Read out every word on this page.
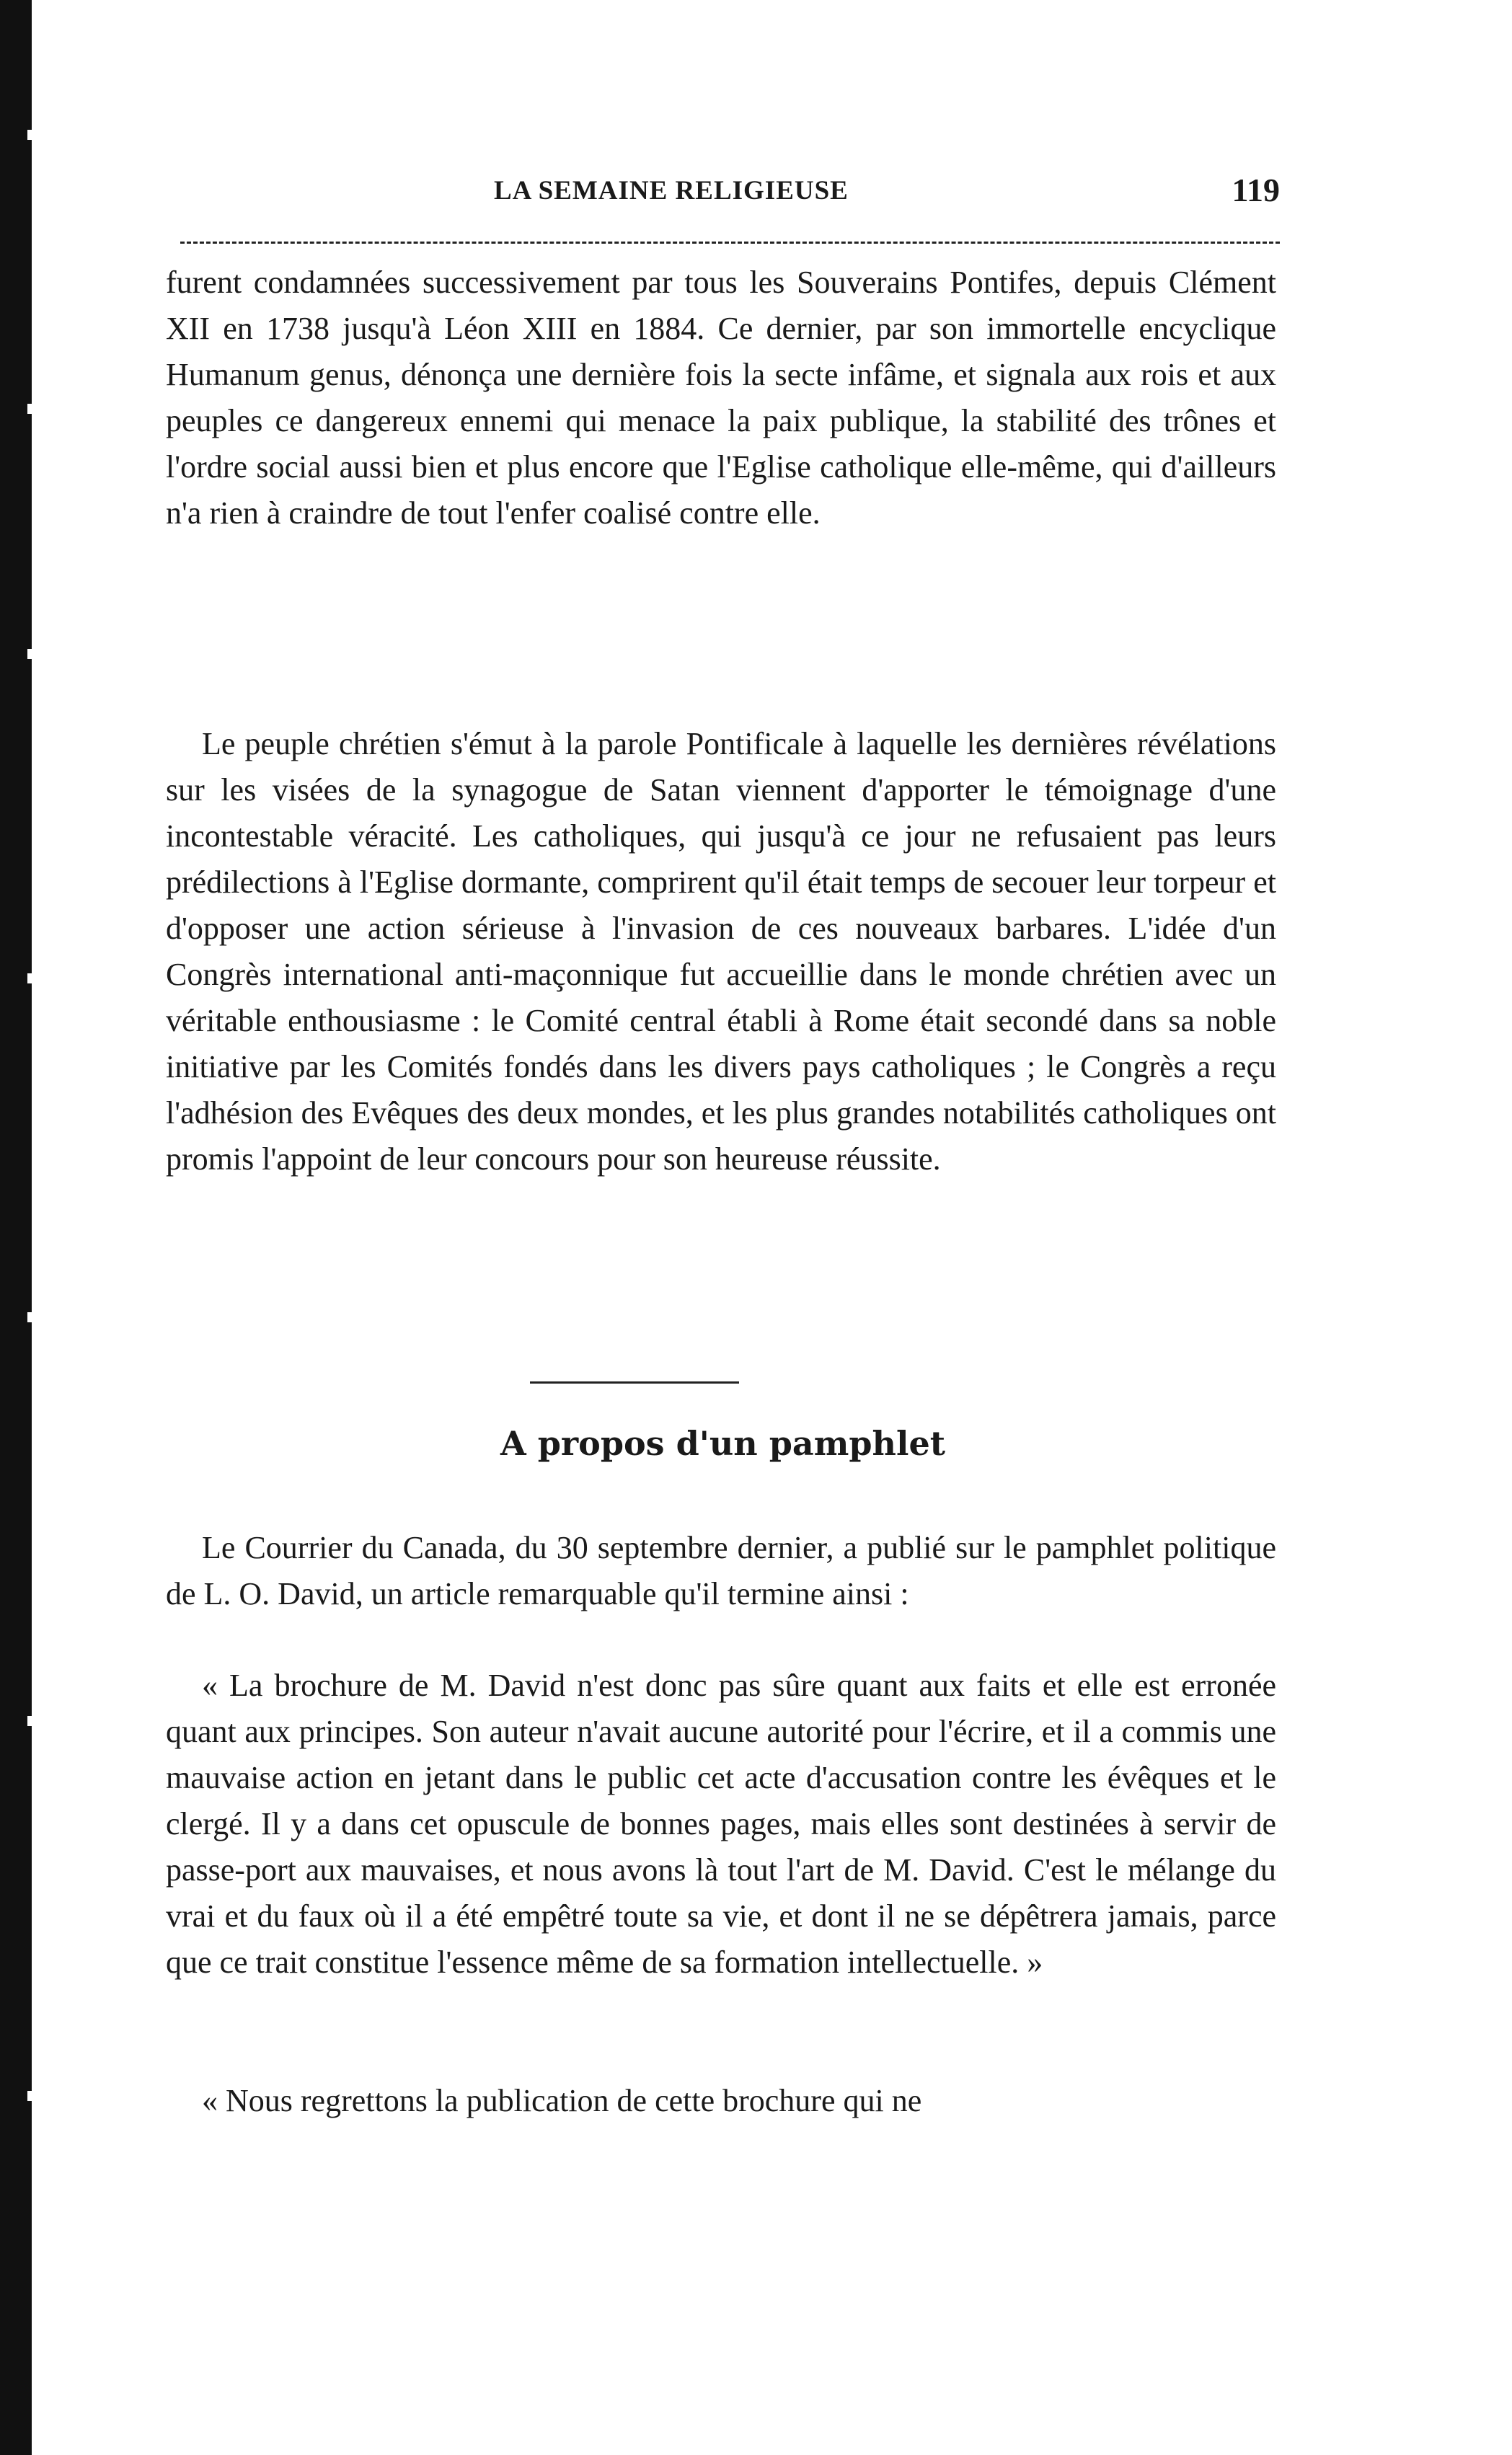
LA SEMAINE RELIGIEUSE	119

furent condamnées successivement par tous les Souverains Pontifes, depuis Clément XII en 1738 jusqu'à Léon XIII en 1884. Ce dernier, par son immortelle encyclique Humanum genus, dénonça une dernière fois la secte infâme, et signala aux rois et aux peuples ce dangereux ennemi qui menace la paix publique, la stabilité des trônes et l'ordre social aussi bien et plus encore que l'Eglise catholique elle-même, qui d'ailleurs n'a rien à craindre de tout l'enfer coalisé contre elle.

Le peuple chrétien s'émut à la parole Pontificale à laquelle les dernières révélations sur les visées de la synagogue de Satan viennent d'apporter le témoignage d'une incontestable véracité. Les catholiques, qui jusqu'à ce jour ne refusaient pas leurs prédilections à l'Eglise dormante, comprirent qu'il était temps de secouer leur torpeur et d'opposer une action sérieuse à l'invasion de ces nouveaux barbares. L'idée d'un Congrès international anti-maçonnique fut accueillie dans le monde chrétien avec un véritable enthousiasme : le Comité central établi à Rome était secondé dans sa noble initiative par les Comités fondés dans les divers pays catholiques ; le Congrès a reçu l'adhésion des Evêques des deux mondes, et les plus grandes notabilités catholiques ont promis l'appoint de leur concours pour son heureuse réussite.

A propos d'un pamphlet

Le Courrier du Canada, du 30 septembre dernier, a publié sur le pamphlet politique de L. O. David, un article remarquable qu'il termine ainsi :

« La brochure de M. David n'est donc pas sûre quant aux faits et elle est erronée quant aux principes. Son auteur n'avait aucune autorité pour l'écrire, et il a commis une mauvaise action en jetant dans le public cet acte d'accusation contre les évêques et le clergé. Il y a dans cet opuscule de bonnes pages, mais elles sont destinées à servir de passe-port aux mauvaises, et nous avons là tout l'art de M. David. C'est le mélange du vrai et du faux où il a été empêtré toute sa vie, et dont il ne se dépêtrera jamais, parce que ce trait constitue l'essence même de sa formation intellectuelle. »

« Nous regrettons la publication de cette brochure qui ne
